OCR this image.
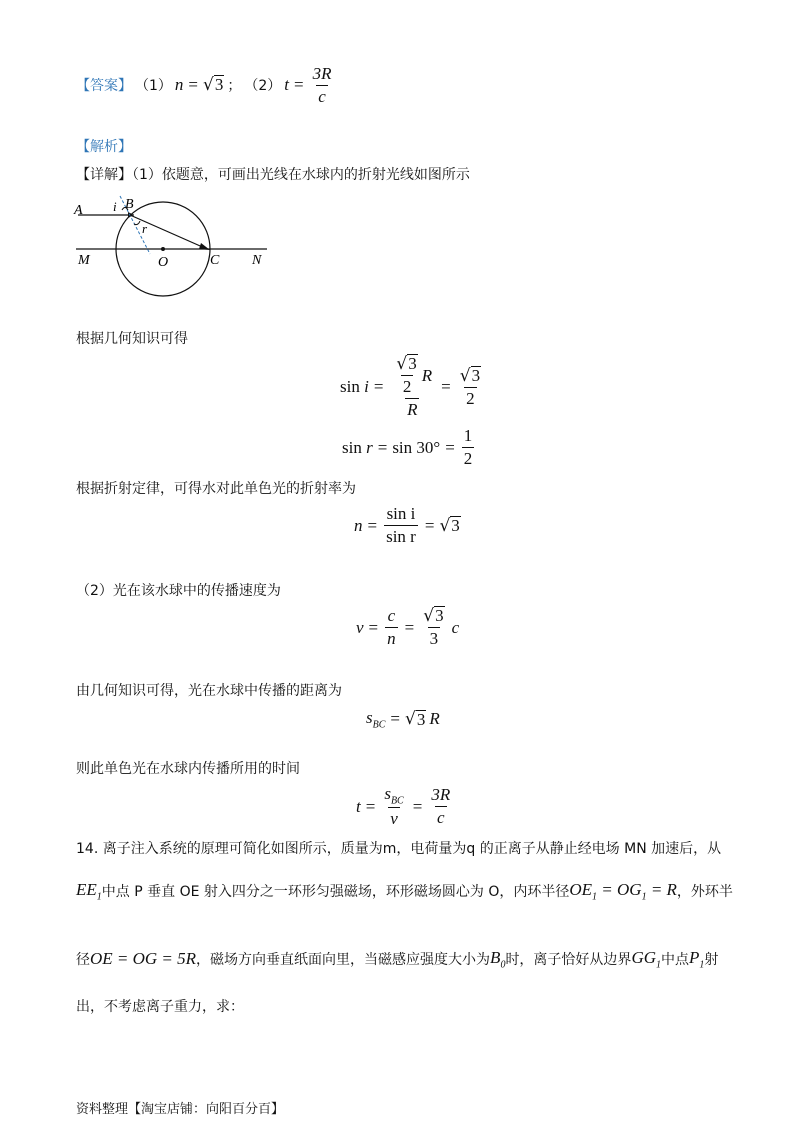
【答案】 （1） n = √ 3 ； （2） $t = \frac{3R}{c}$
【解析】
【详解】（1）依题意，可画出光线在水球内的折射光线如图所示
A i B
r
M	O	C N
根据几何知识可得
$\sin i = \frac{\frac{√ 3}{2} R}{R} = \frac{√ 3}{2}$
$\sin r = \sin 30^\circ = \frac{1}{2}$
根据折射定律，可得水对此单色光的折射率为
$n = \frac{\text{sin i}}{\text{sin r}}$ = √ 3
（2）光在该水球中的传播速度为
$v = \frac{c}{n} = \frac{√ 3}{3}$ c
由几何知识可得，光在水球中传播的距离为
$s_{BC}$ = √ 3 R
则此单色光在水球内传播所用的时间
$t = \frac{s_{BC}}{v} = \frac{3R}{c}$
14. 离子注入系统的原理可简化如图所示，质量为m，电荷量为q 的正离子从静止经电场 MN 加速后，从
$EE_1$ 中点 P 垂直 OE 射入四分之一环形匀强磁场，环形磁场圆心为 O，内环半径 $OE_1 = OG_1 = R$ ，外环半
径 OE = OG = 5R ，磁场方向垂直纸面向里，当磁感应强度大小为 $B_0$ 时，离子恰好从边界 $GG_1$ 中点 $P_1$ 射
出，不考虑离子重力，求：
资料整理【淘宝店铺：向阳百分百】
